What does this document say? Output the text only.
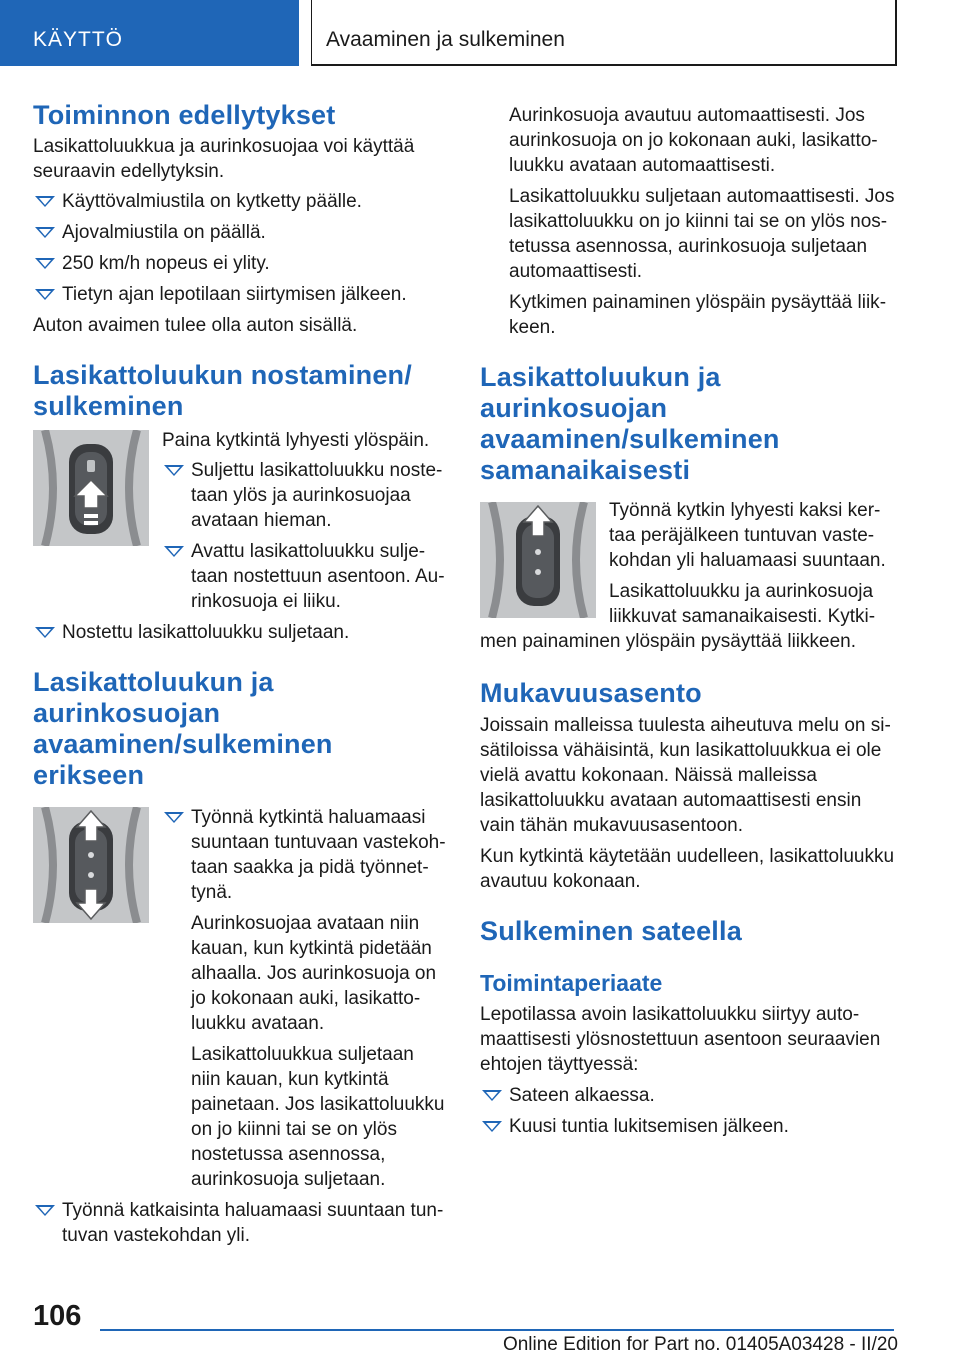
KÄYTTÖ	Avaaminen ja sulkeminen
Toiminnon edellytykset

Lasikattoluukkua ja aurinkosuojaa voi käyttää seuraavin edellytyksin.

Käyttövalmiustila on kytketty päälle.
Ajovalmiustila on päällä.
250 km/h nopeus ei ylity.
Tietyn ajan lepotilaan siirtymisen jälkeen.

Auton avaimen tulee olla auton sisällä.

Lasikattoluukun nostaminen/ sulkeminen

Paina kytkintä lyhyesti ylöspäin.

Suljettu lasikattoluukku nostetaan ylös ja aurinkosuojaa avataan hieman.
Avattu lasikattoluukku suljetaan nostettuun asentoon. Aurinkosuoja ei liiku.
Nostettu lasikattoluukku suljetaan.
Lasikattoluukun ja aurinkosuojan avaaminen/sulkeminen erikseen
Työnnä kytkintä haluamaasi suuntaan tuntuvaan vastekohtaan saakka ja pidä työnnettynä.

Aurinkosuojaa avataan niin kauan, kun kytkintä pidetään alhaalla. Jos aurinkosuoja on jo kokonaan auki, lasikattoluukku avataan.

Lasikattoluukkua suljetaan niin kauan, kun kytkintä painetaan. Jos lasikattoluukku on jo kiinni tai se on ylös nostetussa asennossa, aurinkosuoja suljetaan.

Työnnä katkaisinta haluamaasi suuntaan tuntuvan vastekohdan yli.

Aurinkosuoja avautuu automaattisesti. Jos aurinkosuoja on jo kokonaan auki, lasikattoluukku avataan automaattisesti.

Lasikattoluukku suljetaan automaattisesti. Jos lasikattoluukku on jo kiinni tai se on ylös nostetussa asennossa, aurinkosuoja suljetaan automaattisesti.

Kytkimen painaminen ylöspäin pysäyttää liikkeen.

Lasikattoluukun ja aurinkosuojan avaaminen/sulkeminen samanaikaisesti

Työnnä kytkin lyhyesti kaksi kertaa peräjälkeen tuntuvan vastekohdan yli haluamaasi suuntaan.

Lasikattoluukku ja aurinkosuoja liikkuvat samanaikaisesti. Kytkimen painaminen ylöspäin pysäyttää liikkeen.

Mukavuusasento

Joissain malleissa tuulesta aiheutuva melu on sisätiloissa vähäisintä, kun lasikattoluukkua ei ole vielä avattu kokonaan. Näissä malleissa lasikattoluukku avataan automaattisesti ensin vain tähän mukavuusasentoon.

Kun kytkintä käytetään uudelleen, lasikattoluukku avautuu kokonaan.

Sulkeminen sateella
Toimintaperiaate

Lepotilassa avoin lasikattoluukku siirtyy automaattisesti ylösnostettuun asentoon seuraavien ehtojen täyttyessä:

Sateen alkaessa.
Kuusi tuntia lukitsemisen jälkeen.
106
Online Edition for Part no. 01405A03428 - II/20
